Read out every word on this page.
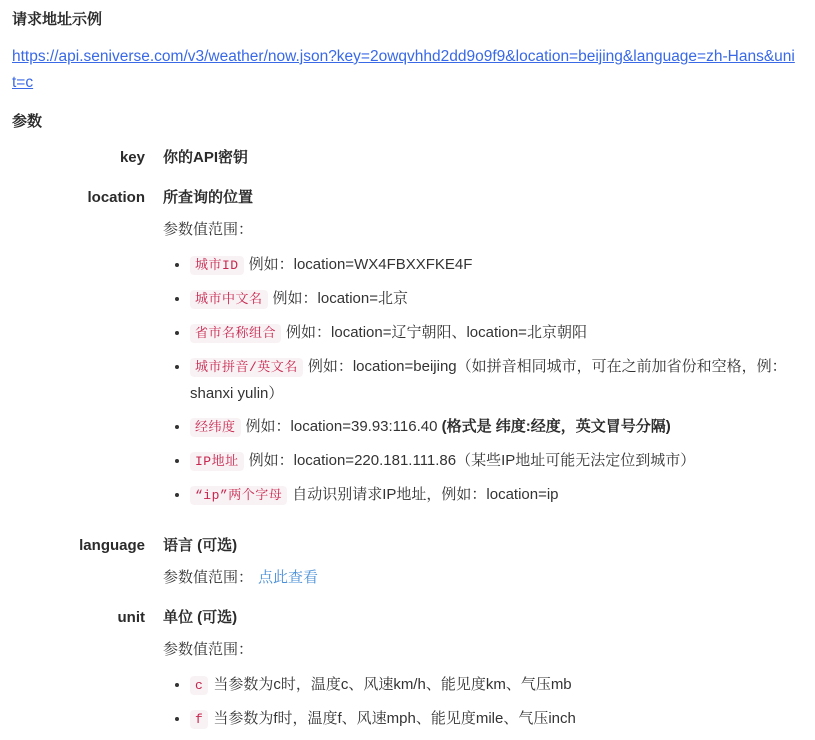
请求地址示例
https://api.seniverse.com/v3/weather/now.json?key=2owqvhhd2dd9o9f9&location=beijing&language=zh-Hans&unit=c
参数
key 你的API密钥
location 所查询的位置
参数值范围：
• 城市ID 例如：location=WX4FBXXFKE4F
• 城市中文名 例如：location=北京
• 省市名称组合 例如：location=辽宁朝阳、location=北京朝阳
• 城市拼音/英文名 例如：location=beijing（如拼音相同城市，可在之前加省份和空格，例：shanxi yulin）
• 经纬度 例如：location=39.93:116.40 (格式是 纬度:经度，英文冒号分隔)
• IP地址 例如：location=220.181.111.86（某些IP地址可能无法定位到城市）
• “ip”两个字母 自动识别请求IP地址，例如：location=ip
language 语言 (可选)
参数值范围： 点此查看
unit 单位 (可选)
参数值范围：
• c 当参数为c时，温度c、风速km/h、能见度km、气压mb
• f 当参数为f时，温度f、风速mph、能见度mile、气压inch
